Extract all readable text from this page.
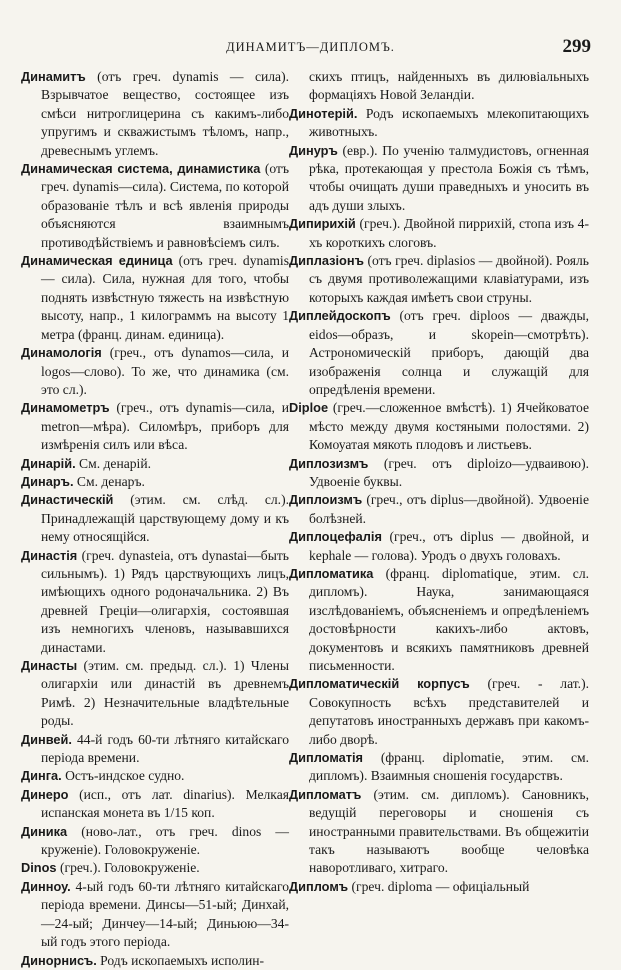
ДИНАМИТЪ—ДИПЛОМЪ.	299

Динамитъ (отъ греч. dynamis — сила). Взрывчатое вещество, состоящее изъ смѣси нитроглицерина съ какимъ-либо упругимъ и скважистымъ тѣломъ, напр., древеснымъ углемъ.

Динамическая система, динамистика (отъ греч. dynamis—сила). Система, по которой образованіе тѣлъ и всѣ явленія природы объясняются взаимнымъ противодѣйствіемъ и равновѣсіемъ силъ.

Динамическая единица (отъ греч. dynamis — сила). Сила, нужная для того, чтобы поднять извѣстную тяжесть на извѣстную высоту, напр., 1 килограммъ на высоту 1 метра (франц. динам. единица).

Динамологія (греч., отъ dynamos—сила, и logos—слово). То же, что динамика (см. это сл.).

Динамометръ (греч., отъ dynamis—сила, и metron—мѣра). Силомѣръ, приборъ для измѣренія силъ или вѣса.

Динарій. См. денарій.

Динаръ. См. денаръ.

Династическій (этим. см. слѣд. сл.). Принадлежащій царствующему дому и къ нему относящійся.

Династія (греч. dynasteia, отъ dynastai—быть сильнымъ). 1) Рядъ царствующихъ лицъ, имѣющихъ одного родоначальника. 2) Въ древней Греціи—олигархія, состоявшая изъ немногихъ членовъ, называвшихся династами.

Династы (этим. см. предыд. сл.). 1) Члены олигархіи или династій въ древнемъ Римѣ. 2) Незначительные владѣтельные роды.

Динвей. 44-й годъ 60-ти лѣтняго китайскаго періода времени.

Динга. Остъ-индское судно.

Динеро (исп., отъ лат. dinarius). Мелкая испанская монета въ 1/15 коп.

Диника (ново-лат., отъ греч. dinos — круженіе). Головокруженіе.

Dinos (греч.). Головокруженіе.

Динноу. 4-ый годъ 60-ти лѣтняго китайскаго періода времени. Динсы—51-ый; Динхай,—24-ый; Динчеу—14-ый; Диньюю—34-ый годъ этого періода.

Динорнисъ. Родъ ископаемыхъ исполин-

скихъ птицъ, найденныхъ въ дилювіальныхъ формаціяхъ Новой Зеландіи.

Динотерій. Родъ ископаемыхъ млекопитающихъ животныхъ.

Динуръ (евр.). По ученію талмудистовъ, огненная рѣка, протекающая у престола Божія съ тѣмъ, чтобы очищать души праведныхъ и уносить въ адъ души злыхъ.

Дипирихій (греч.). Двойной пиррихій, стопа изъ 4-хъ короткихъ слоговъ.

Диплазіонъ (отъ греч. diplasios — двойной). Рояль съ двумя противолежащими клавіатурами, изъ которыхъ каждая имѣетъ свои струны.

Диплейдоскопъ (отъ греч. diploos — дважды, eidos—образъ, и skopein—смотрѣть). Астрономическій приборъ, дающій два изображенія солнца и служащій для опредѣленія времени.

Diploe (греч.—сложенное вмѣстѣ). 1) Ячейковатое мѣсто между двумя костяными полостями. 2) Комоуатая мякоть плодовъ и листьевъ.

Диплозизмъ (греч. отъ diploizo—удваивою). Удвоеніе буквы.

Диплоизмъ (греч., отъ diplus—двойной). Удвоеніе болѣзней.

Диплоцефалія (греч., отъ diplus — двойной, и kephale — голова). Уродъ о двухъ головахъ.

Дипломатика (франц. diplomatique, этим. сл. дипломъ). Наука, занимающаяся изслѣдованіемъ, объясненіемъ и опредѣленіемъ достовѣрности какихъ-либо актовъ, документовъ и всякихъ памятниковъ древней письменности.

Дипломатическій корпусъ (греч. - лат.). Совокупность всѣхъ представителей и депутатовъ иностранныхъ державъ при какомъ-либо дворѣ.

Дипломатія (франц. diplomatie, этим. см. дипломъ). Взаимныя сношенія государствъ.

Дипломатъ (этим. см. дипломъ). Сановникъ, ведущій переговоры и сношенія съ иностранными правительствами. Въ общежитіи такъ называютъ вообще человѣка наворотливаго, хитраго.

Дипломъ (греч. diploma — офиціальный
